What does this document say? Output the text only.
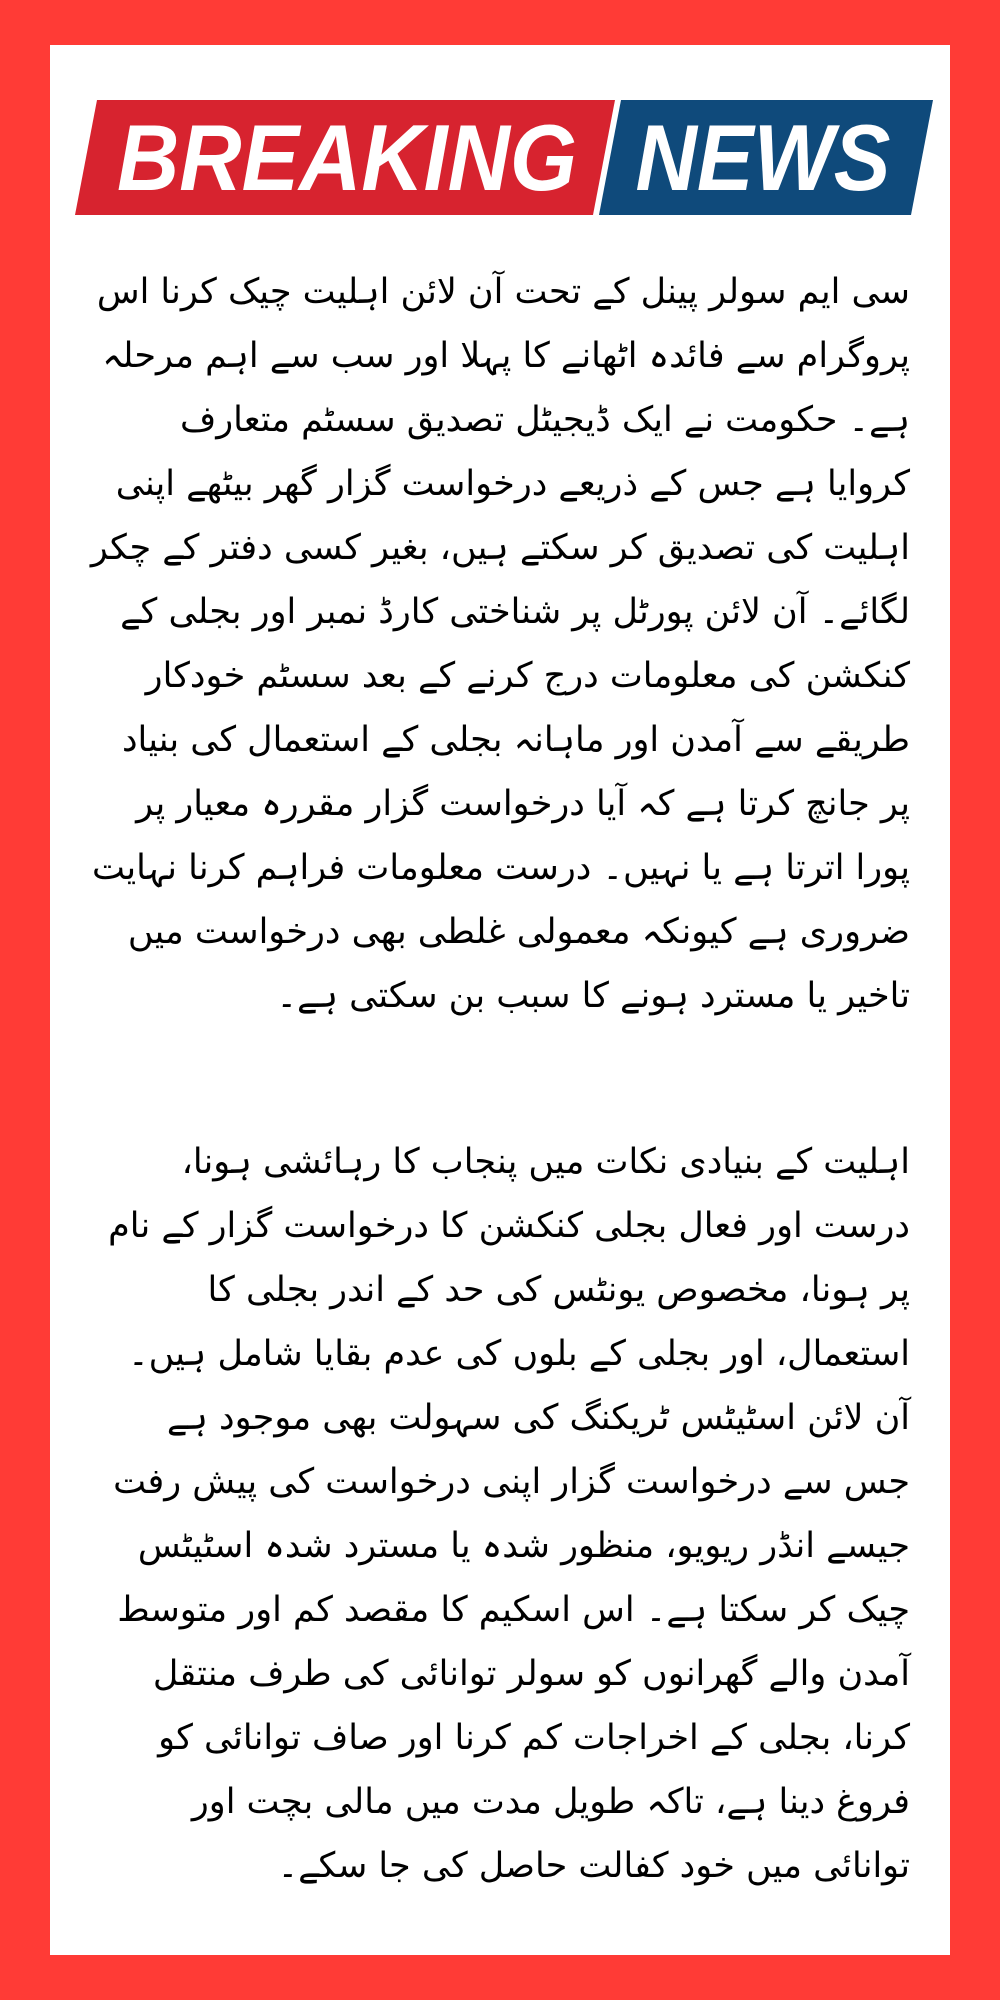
BREAKING NEWS

سی ایم سولر پینل کے تحت آن لائن اہلیت چیک کرنا اس پروگرام سے فائدہ اٹھانے کا پہلا اور سب سے اہم مرحلہ ہے۔ حکومت نے ایک ڈیجیٹل تصدیق سسٹم متعارف کروایا ہے جس کے ذریعے درخواست گزار گھر بیٹھے اپنی اہلیت کی تصدیق کر سکتے ہیں، بغیر کسی دفتر کے چکر لگائے۔ آن لائن پورٹل پر شناختی کارڈ نمبر اور بجلی کے کنکشن کی معلومات درج کرنے کے بعد سسٹم خودکار طریقے سے آمدن اور ماہانہ بجلی کے استعمال کی بنیاد پر جانچ کرتا ہے کہ آیا درخواست گزار مقررہ معیار پر پورا اترتا ہے یا نہیں۔ درست معلومات فراہم کرنا نہایت ضروری ہے کیونکہ معمولی غلطی بھی درخواست میں تاخیر یا مسترد ہونے کا سبب بن سکتی ہے۔

اہلیت کے بنیادی نکات میں پنجاب کا رہائشی ہونا، درست اور فعال بجلی کنکشن کا درخواست گزار کے نام پر ہونا، مخصوص یونٹس کی حد کے اندر بجلی کا استعمال، اور بجلی کے بلوں کی عدم بقایا شامل ہیں۔ آن لائن اسٹیٹس ٹریکنگ کی سہولت بھی موجود ہے جس سے درخواست گزار اپنی درخواست کی پیش رفت جیسے انڈر ریویو، منظور شدہ یا مسترد شدہ اسٹیٹس چیک کر سکتا ہے۔ اس اسکیم کا مقصد کم اور متوسط آمدن والے گھرانوں کو سولر توانائی کی طرف منتقل کرنا، بجلی کے اخراجات کم کرنا اور صاف توانائی کو فروغ دینا ہے، تاکہ طویل مدت میں مالی بچت اور توانائی میں خود کفالت حاصل کی جا سکے۔
